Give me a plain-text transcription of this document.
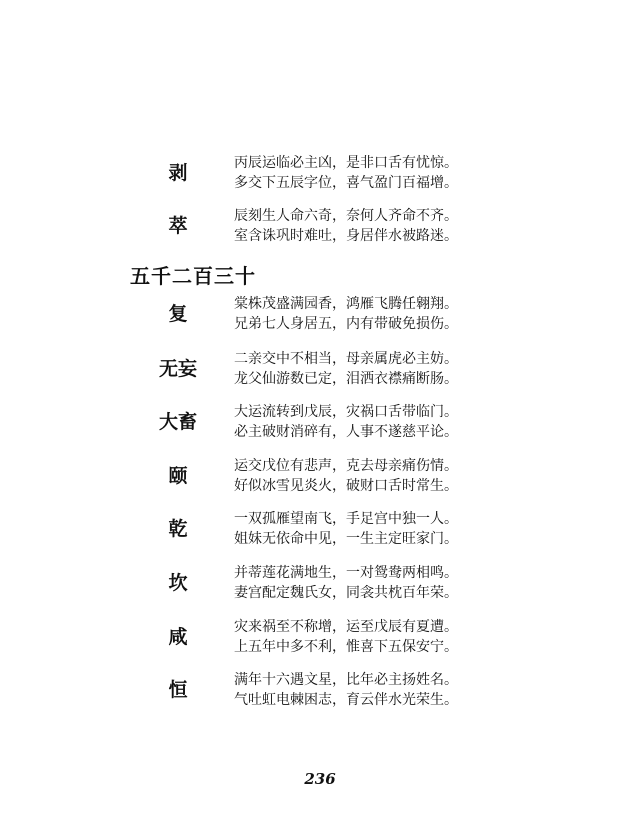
剥	丙辰运临必主凶，是非口舌有忧惊。
多交下五辰字位，喜气盈门百福增。
萃	辰刻生人命六奇，奈何人齐命不齐。
室含诛巩时难吐，身居伴水被路迷。
五千二百三十
复	棠株茂盛满园香，鸿雁飞腾任翱翔。
兄弟七人身居五，内有带破免损伤。
无妄	二亲交中不相当，母亲属虎必主妨。
龙父仙游数已定，泪洒衣襟痛断肠。
大畜	大运流转到戊辰，灾祸口舌带临门。
必主破财消碎有，人事不遂慈平论。
颐	运交戊位有悲声，克去母亲痛伤情。
好似冰雪见炎火，破财口舌时常生。
乾	一双孤雁望南飞，手足宫中独一人。
姐妹无依命中见，一生主定旺家门。
坎	并蒂莲花满地生，一对鸳鸯两相鸣。
妻宫配定魏氏女，同衾共枕百年荣。
咸	灾来祸至不称增，运至戊辰有夏遭。
上五年中多不利，惟喜下五保安宁。
恒	满年十六遇文星，比年必主扬姓名。
气吐虹电棘困志，育云伴水光荣生。
236
